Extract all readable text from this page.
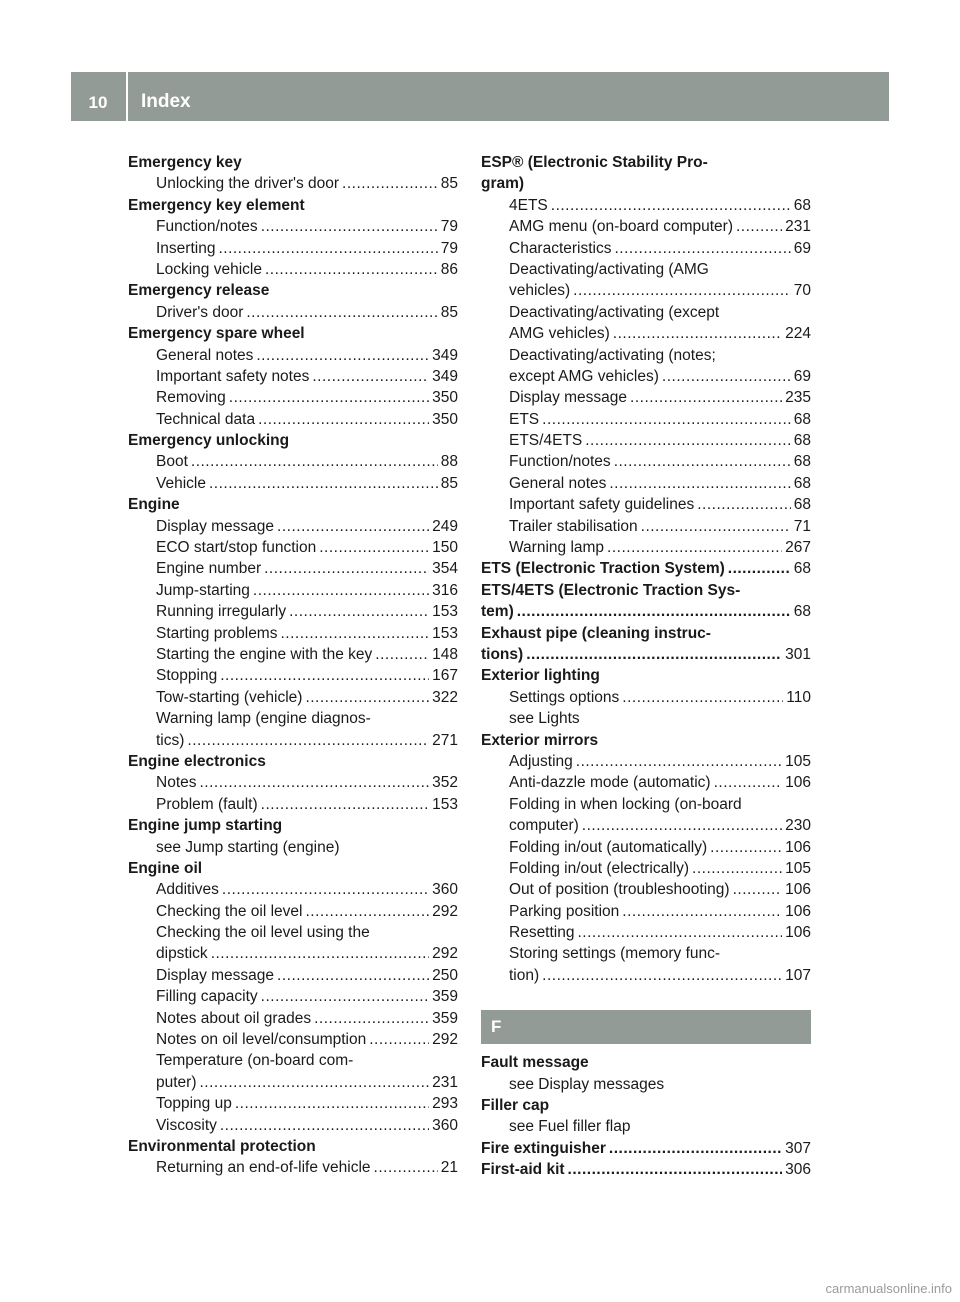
10	Index
Emergency key
Unlocking the driver's door .....	85
Emergency key element
Function/notes .....	79
Inserting .....	79
Locking vehicle .....	86
Emergency release
Driver's door .....	85
Emergency spare wheel
General notes .....	349
Important safety notes .....	349
Removing .....	350
Technical data .....	350
Emergency unlocking
Boot .....	88
Vehicle .....	85
Engine
Display message .....	249
ECO start/stop function .....	150
Engine number .....	354
Jump-starting .....	316
Running irregularly .....	153
Starting problems .....	153
Starting the engine with the key .....	148
Stopping .....	167
Tow-starting (vehicle) .....	322
Warning lamp (engine diagnos-
tics) .....	271
Engine electronics
Notes .....	352
Problem (fault) .....	153
Engine jump starting
see Jump starting (engine)
Engine oil
Additives .....	360
Checking the oil level .....	292
Checking the oil level using the
dipstick .....	292
Display message .....	250
Filling capacity .....	359
Notes about oil grades .....	359
Notes on oil level/consumption .....	292
Temperature (on-board com-
puter) .....	231
Topping up .....	293
Viscosity .....	360
Environmental protection
Returning an end-of-life vehicle .....	21
ESP® (Electronic Stability Pro-
gram)
4ETS .....	68
AMG menu (on-board computer) .....	231
Characteristics .....	69
Deactivating/activating (AMG
vehicles) .....	70
Deactivating/activating (except
AMG vehicles) .....	224
Deactivating/activating (notes;
except AMG vehicles) .....	69
Display message .....	235
ETS .....	68
ETS/4ETS .....	68
Function/notes .....	68
General notes .....	68
Important safety guidelines .....	68
Trailer stabilisation .....	71
Warning lamp .....	267
ETS (Electronic Traction System) .....	68
ETS/4ETS (Electronic Traction Sys-
tem) .....	68
Exhaust pipe (cleaning instruc-
tions) .....	301
Exterior lighting
Settings options .....	110
see Lights
Exterior mirrors
Adjusting .....	105
Anti-dazzle mode (automatic) .....	106
Folding in when locking (on-board
computer) .....	230
Folding in/out (automatically) .....	106
Folding in/out (electrically) .....	105
Out of position (troubleshooting) .....	106
Parking position .....	106
Resetting .....	106
Storing settings (memory func-
tion) .....	107
F
Fault message
see Display messages
Filler cap
see Fuel filler flap
Fire extinguisher .....	307
First-aid kit .....	306
carmanualsonline.info
